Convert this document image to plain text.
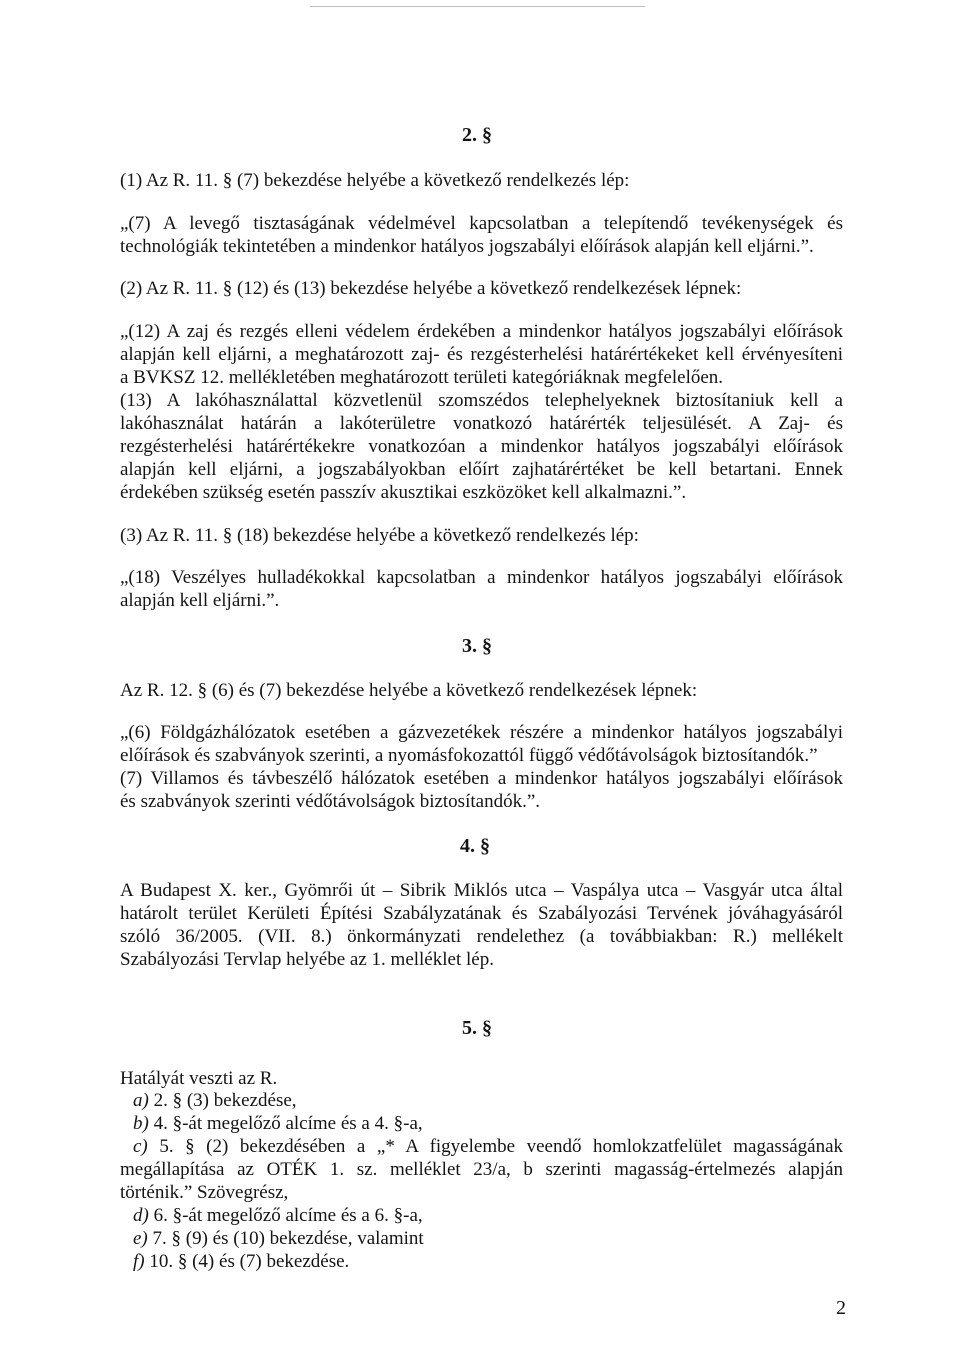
2. §
(1) Az R. 11. § (7) bekezdése helyébe a következő rendelkezés lép:
„(7) A levegő tisztaságának védelmével kapcsolatban a telepítendő tevékenységek és
technológiák tekintetében a mindenkor hatályos jogszabályi előírások alapján kell eljárni.”.
(2) Az R. 11. § (12) és (13) bekezdése helyébe a következő rendelkezések lépnek:
„(12) A zaj és rezgés elleni védelem érdekében a mindenkor hatályos jogszabályi előírások
alapján kell eljárni, a meghatározott zaj- és rezgésterhelési határértékeket kell érvényesíteni
a BVKSZ 12. mellékletében meghatározott területi kategóriáknak megfelelően.
(13) A lakóhasználattal közvetlenül szomszédos telephelyeknek biztosítaniuk kell a
lakóhasználat határán a lakóterületre vonatkozó határérték teljesülését. A Zaj- és
rezgésterhelési határértékekre vonatkozóan a mindenkor hatályos jogszabályi előírások
alapján kell eljárni, a jogszabályokban előírt zajhatárértéket be kell betartani. Ennek
érdekében szükség esetén passzív akusztikai eszközöket kell alkalmazni.”.
(3) Az R. 11. § (18) bekezdése helyébe a következő rendelkezés lép:
„(18) Veszélyes hulladékokkal kapcsolatban a mindenkor hatályos jogszabályi előírások
alapján kell eljárni.”.
3. §
Az R. 12. § (6) és (7) bekezdése helyébe a következő rendelkezések lépnek:
„(6) Földgázhálózatok esetében a gázvezetékek részére a mindenkor hatályos jogszabályi
előírások és szabványok szerinti, a nyomásfokozattól függő védőtávolságok biztosítandók.”
(7) Villamos és távbeszélő hálózatok esetében a mindenkor hatályos jogszabályi előírások
és szabványok szerinti védőtávolságok biztosítandók.”.
4. §
A Budapest X. ker., Gyömrői út – Sibrik Miklós utca – Vaspálya utca – Vasgyár utca által
határolt terület Kerületi Építési Szabályzatának és Szabályozási Tervének jóváhagyásáról
szóló 36/2005. (VII. 8.) önkormányzati rendelethez (a továbbiakban: R.) mellékelt
Szabályozási Tervlap helyébe az 1. melléklet lép.
5. §
Hatályát veszti az R.
a) 2. § (3) bekezdése,
b) 4. §-át megelőző alcíme és a 4. §-a,
c) 5. § (2) bekezdésében a „* A figyelembe veendő homlokzatfelület magasságának
megállapítása az OTÉK 1. sz. melléklet 23/a, b szerinti magasság-értelmezés alapján
történik.” Szövegrész,
d) 6. §-át megelőző alcíme és a 6. §-a,
e) 7. § (9) és (10) bekezdése, valamint
f) 10. § (4) és (7) bekezdése.
2
